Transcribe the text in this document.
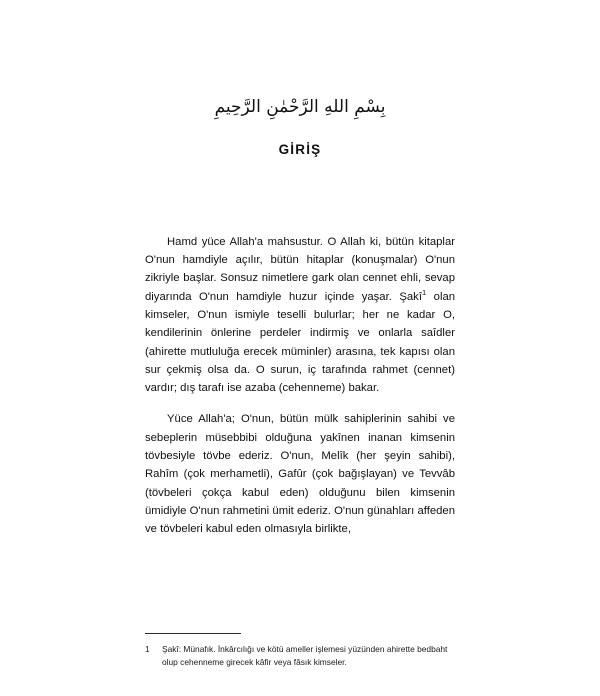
بِسْمِ اللهِ الرَّحْمٰنِ الرَّحِيمِ
GİRİŞ

Hamd yüce Allah'a mahsustur. O Allah ki, bütün kitaplar O'nun hamdiyle açılır, bütün hitaplar (konuşmalar) O'nun zikriyle başlar. Sonsuz nimetlere gark olan cennet ehli, sevap diyarında O'nun hamdiyle huzur içinde yaşar. Şakî$^1$ olan kimseler, O'nun ismiyle teselli bulurlar; her ne kadar O, kendilerinin önlerine perdeler indirmiş ve onlarla saîdler (ahirette mutluluğa erecek müminler) arasına, tek kapısı olan sur çekmiş olsa da. O surun, iç tarafında rahmet (cennet) vardır; dış tarafı ise azaba (cehenneme) bakar.

Yüce Allah'a; O'nun, bütün mülk sahiplerinin sahibi ve sebeplerin müsebbibi olduğuna yakînen inanan kimsenin tövbesiyle tövbe ederiz. O'nun, Melîk (her şeyin sahibi), Rahîm (çok merhametli), Gafûr (çok bağışlayan) ve Tevvâb (tövbeleri çokça kabul eden) olduğunu bilen kimsenin ümidiyle O'nun rahmetini ümit ederiz. O'nun günahları affeden ve tövbeleri kabul eden olmasıyla birlikte,

1	Şakî: Münafık. İnkârcılığı ve kötü ameller işlemesi yüzünden ahirette bedbaht olup cehenneme girecek kâfir veya fâsık kimseler.
